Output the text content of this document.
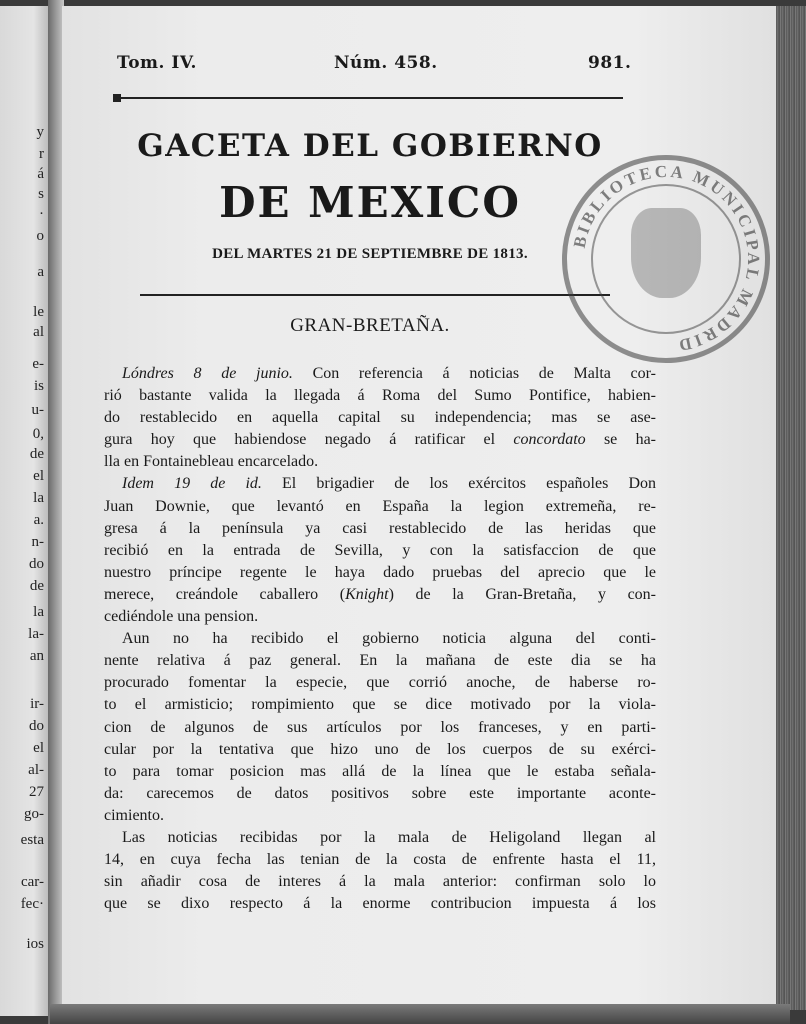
y
r
á
s
·
o
a
le
al
e-
is
u-
0,
de
el
la
a.
n-
do
de
la
la-
an
ir-
do
el
al-
27
go-
esta
car-
fec·
ios
Tom. IV.	Núm. 458.	981.
GACETA DEL GOBIERNO
DE MEXICO
DEL MARTES 21 DE SEPTIEMBRE DE 1813.
GRAN-BRETAÑA.
Lóndres 8 de junio. Con referencia á noticias de Malta cor-
rió bastante valida la llegada á Roma del Sumo Pontifice, habien-
do restablecido en aquella capital su independencia; mas se ase-
gura hoy que habiendose negado á ratificar el concordato se ha-
lla en Fontainebleau encarcelado.
Idem 19 de id. El brigadier de los exércitos españoles Don
Juan Downie, que levantó en España la legion extremeña, re-
gresa á la península ya casi restablecido de las heridas que
recibió en la entrada de Sevilla, y con la satisfaccion de que
nuestro príncipe regente le haya dado pruebas del aprecio que le
merece, creándole caballero (Knight) de la Gran-Bretaña, y con-
cediéndole una pension.
Aun no ha recibido el gobierno noticia alguna del conti-
nente relativa á paz general. En la mañana de este dia se ha
procurado fomentar la especie, que corrió anoche, de haberse ro-
to el armisticio; rompimiento que se dice motivado por la viola-
cion de algunos de sus artículos por los franceses, y en parti-
cular por la tentativa que hizo uno de los cuerpos de su exérci-
to para tomar posicion mas allá de la línea que le estaba señala-
da: carecemos de datos positivos sobre este importante aconte-
cimiento.
Las noticias recibidas por la mala de Heligoland llegan al
14, en cuya fecha las tenian de la costa de enfrente hasta el 11,
sin añadir cosa de interes á la mala anterior: confirman solo lo
que se dixo respecto á la enorme contribucion impuesta á los
BIBLIOTECA MUNICIPAL MADRID
